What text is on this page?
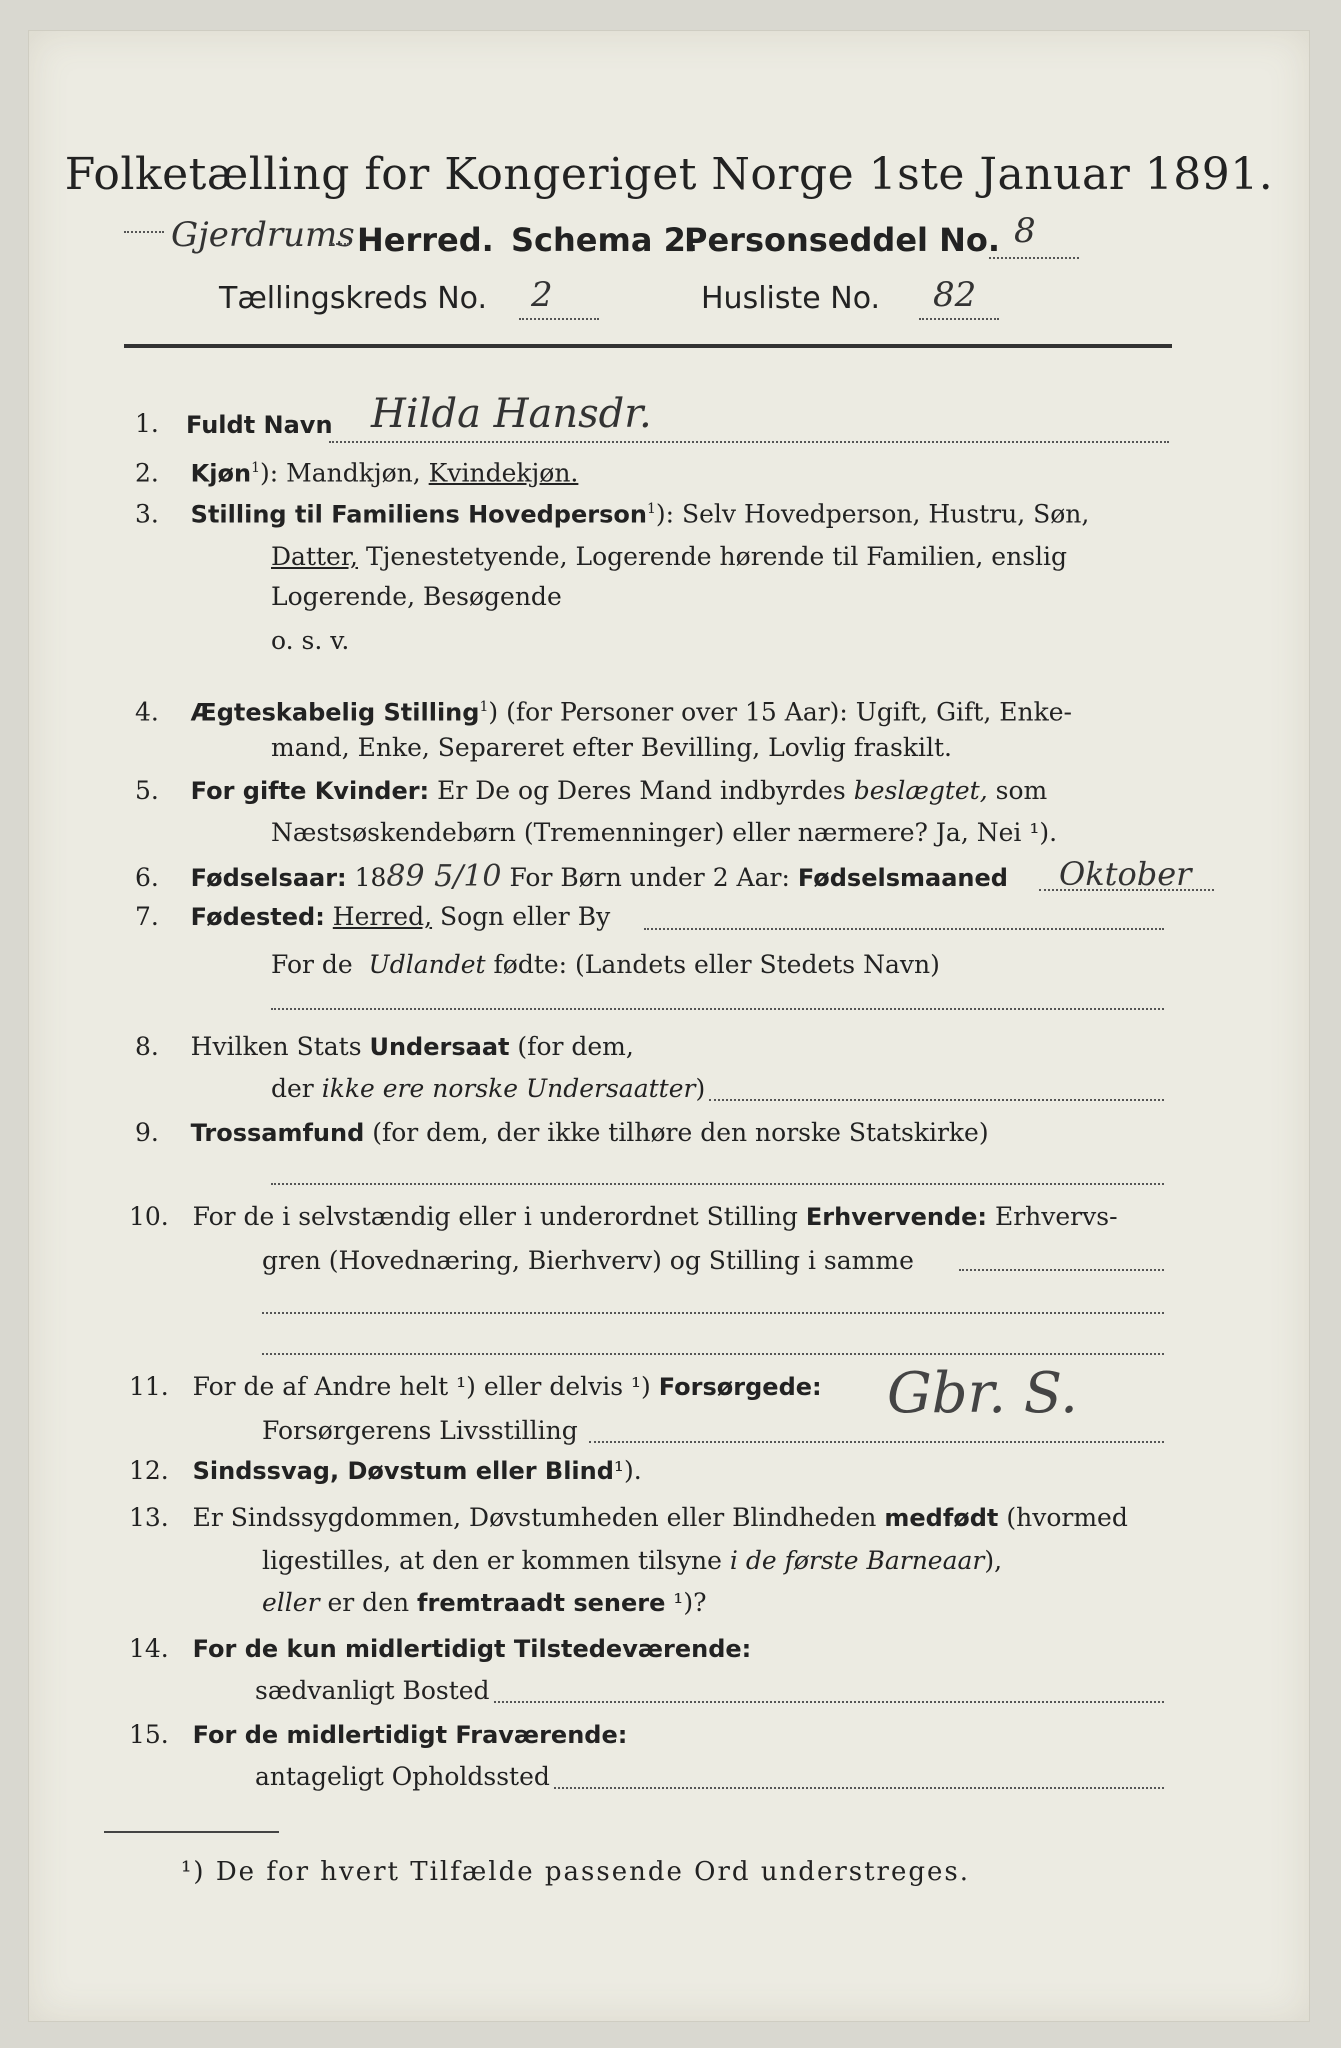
Folketælling for Kongeriget Norge 1ste Januar 1891.
Gjerdrums Herred. Schema 2.
Personseddel No. 8
Tællingskreds No. 2	Husliste No. 82
1. Fuldt Navn Hilda Hansdr.
2. Kjøn$^1$): Mandkjøn, Kvindekjøn.
3. Stilling til Familiens Hovedperson$^1$): Selv Hovedperson, Hustru, Søn,
Datter, Tjenestetyende, Logerende hørende til Familien, enslig
Logerende, Besøgende
o. s. v.
4. Ægteskabelig Stilling$^1$) (for Personer over 15 Aar): Ugift, Gift, Enke-
mand, Enke, Separeret efter Bevilling, Lovlig fraskilt.
5. For gifte Kvinder: Er De og Deres Mand indbyrdes beslægtet, som
Næstsøskendebørn (Tremenninger) eller nærmere? Ja, Nei ¹).
6. Fødselsaar: 1889 5/10 For Børn under 2 Aar: Fødselsmaaned	Oktober
7. Fødested: Herred, Sogn eller By
For de  Udlandet fødte: (Landets eller Stedets Navn)
8. Hvilken Stats Undersaat (for dem,
der ikke ere norske Undersaatter)
9. Trossamfund (for dem, der ikke tilhøre den norske Statskirke)
10. For de i selvstændig eller i underordnet Stilling Erhvervende: Erhvervs-
gren (Hovednæring, Bierhverv) og Stilling i samme
11. For de af Andre helt ¹) eller delvis ¹) Forsørgede:
Forsørgerens Livsstilling
Gbr. S.
12. Sindssvag, Døvstum eller Blind¹).
13. Er Sindssygdommen, Døvstumheden eller Blindheden medfødt (hvormed
ligestilles, at den er kommen tilsyne i de første Barneaar),
eller er den fremtraadt senere ¹)?
14. For de kun midlertidigt Tilstedeværende:
sædvanligt Bosted
15. For de midlertidigt Fraværende:
antageligt Opholdssted
¹) De for hvert Tilfælde passende Ord understreges.
